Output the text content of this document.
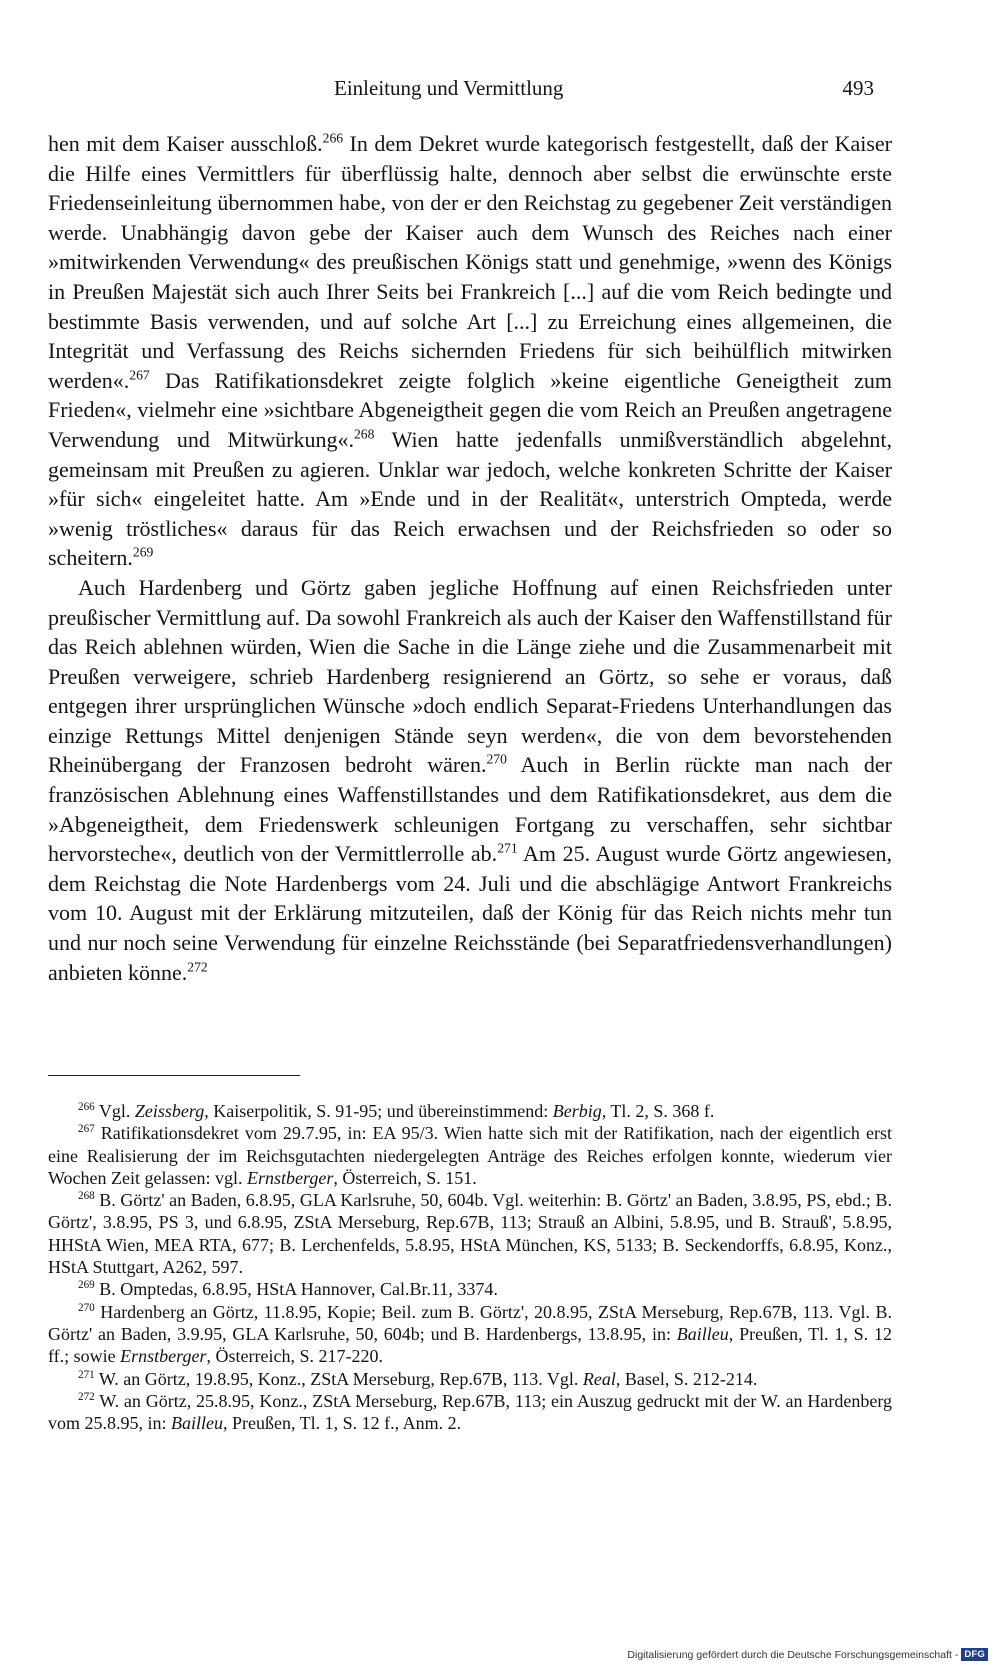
Einleitung und Vermittlung	493

hen mit dem Kaiser ausschloß.$^{266}$ In dem Dekret wurde kategorisch festgestellt, daß der Kaiser die Hilfe eines Vermittlers für überflüssig halte, dennoch aber selbst die erwünschte erste Friedenseinleitung übernommen habe, von der er den Reichstag zu gegebener Zeit verständigen werde. Unabhängig davon gebe der Kaiser auch dem Wunsch des Reiches nach einer »mitwirkenden Verwendung« des preußischen Königs statt und genehmige, »wenn des Königs in Preußen Majestät sich auch Ihrer Seits bei Frankreich [...] auf die vom Reich bedingte und bestimmte Basis verwenden, und auf solche Art [...] zu Erreichung eines allgemeinen, die Integrität und Verfassung des Reichs sichernden Friedens für sich beihülflich mitwirken werden«.$^{267}$ Das Ratifikationsdekret zeigte folglich »keine eigentliche Geneigtheit zum Frieden«, vielmehr eine »sichtbare Abgeneigtheit gegen die vom Reich an Preußen angetragene Verwendung und Mitwürkung«.$^{268}$ Wien hatte jedenfalls unmißverständlich abgelehnt, gemeinsam mit Preußen zu agieren. Unklar war jedoch, welche konkreten Schritte der Kaiser »für sich« eingeleitet hatte. Am »Ende und in der Realität«, unterstrich Ompteda, werde »wenig tröstliches« daraus für das Reich erwachsen und der Reichsfrieden so oder so scheitern.$^{269}$

Auch Hardenberg und Görtz gaben jegliche Hoffnung auf einen Reichsfrieden unter preußischer Vermittlung auf. Da sowohl Frankreich als auch der Kaiser den Waffenstillstand für das Reich ablehnen würden, Wien die Sache in die Länge ziehe und die Zusammenarbeit mit Preußen verweigere, schrieb Hardenberg resignierend an Görtz, so sehe er voraus, daß entgegen ihrer ursprünglichen Wünsche »doch endlich Separat-Friedens Unterhandlungen das einzige Rettungs Mittel denjenigen Stände seyn werden«, die von dem bevorstehenden Rheinübergang der Franzosen bedroht wären.$^{270}$ Auch in Berlin rückte man nach der französischen Ablehnung eines Waffenstillstandes und dem Ratifikationsdekret, aus dem die »Abgeneigtheit, dem Friedenswerk schleunigen Fortgang zu verschaffen, sehr sichtbar hervorsteche«, deutlich von der Vermittlerrolle ab.$^{271}$ Am 25. August wurde Görtz angewiesen, dem Reichstag die Note Hardenbergs vom 24. Juli und die abschlägige Antwort Frankreichs vom 10. August mit der Erklärung mitzuteilen, daß der König für das Reich nichts mehr tun und nur noch seine Verwendung für einzelne Reichsstände (bei Separatfriedensverhandlungen) anbieten könne.$^{272}$

$^{266}$ Vgl. Zeissberg, Kaiserpolitik, S. 91-95; und übereinstimmend: Berbig, Tl. 2, S. 368 f.

$^{267}$ Ratifikationsdekret vom 29.7.95, in: EA 95/3. Wien hatte sich mit der Ratifikation, nach der eigentlich erst eine Realisierung der im Reichsgutachten niedergelegten Anträge des Reiches erfolgen konnte, wiederum vier Wochen Zeit gelassen: vgl. Ernstberger, Österreich, S. 151.

$^{268}$ B. Görtz' an Baden, 6.8.95, GLA Karlsruhe, 50, 604b. Vgl. weiterhin: B. Görtz' an Baden, 3.8.95, PS, ebd.; B. Görtz', 3.8.95, PS 3, und 6.8.95, ZStA Merseburg, Rep.67B, 113; Strauß an Albini, 5.8.95, und B. Strauß', 5.8.95, HHStA Wien, MEA RTA, 677; B. Lerchenfelds, 5.8.95, HStA München, KS, 5133; B. Seckendorffs, 6.8.95, Konz., HStA Stuttgart, A262, 597.

$^{269}$ B. Omptedas, 6.8.95, HStA Hannover, Cal.Br.11, 3374.

$^{270}$ Hardenberg an Görtz, 11.8.95, Kopie; Beil. zum B. Görtz', 20.8.95, ZStA Merseburg, Rep.67B, 113. Vgl. B. Görtz' an Baden, 3.9.95, GLA Karlsruhe, 50, 604b; und B. Hardenbergs, 13.8.95, in: Bailleu, Preußen, Tl. 1, S. 12 ff.; sowie Ernstberger, Österreich, S. 217-220.

$^{271}$ W. an Görtz, 19.8.95, Konz., ZStA Merseburg, Rep.67B, 113. Vgl. Real, Basel, S. 212-214.

$^{272}$ W. an Görtz, 25.8.95, Konz., ZStA Merseburg, Rep.67B, 113; ein Auszug gedruckt mit der W. an Hardenberg vom 25.8.95, in: Bailleu, Preußen, Tl. 1, S. 12 f., Anm. 2.

Digitalisierung gefördert durch die Deutsche Forschungsgemeinschaft - DFG
